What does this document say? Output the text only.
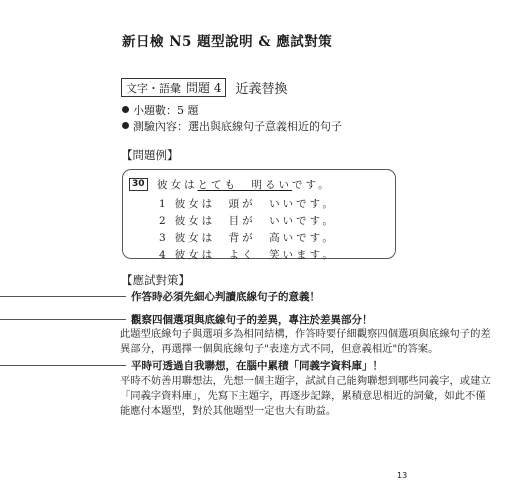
新日檢 N5 題型說明 & 應試對策
文字・語彙 問題 4 近義替換
小題數：5 題
測驗內容：選出與底線句子意義相近的句子
【問題例】
30 彼女はとても　明るいです。
1 彼女は　頭が　いいです。
2 彼女は　目が　いいです。
3 彼女は　背が　高いです。
4 彼女は　よく　笑います。
【應試對策】
作答時必須先細心判讀底線句子的意義！
觀察四個選項與底線句子的差異，專注於差異部分！
此題型底線句子與選項多為相同結構，作答時要仔細觀察四個選項與底線句子的差
異部分，再選擇一個與底線句子"表達方式不同，但意義相近"的答案。
平時可透過自我聯想，在腦中累積「同義字資料庫」！
平時不妨善用聯想法，先想一個主題字，試試自己能夠聯想到哪些同義字，或建立
「同義字資料庫」，先寫下主題字，再逐步記錄，累積意思相近的詞彙，如此不僅
能應付本題型，對於其他題型一定也大有助益。
13
